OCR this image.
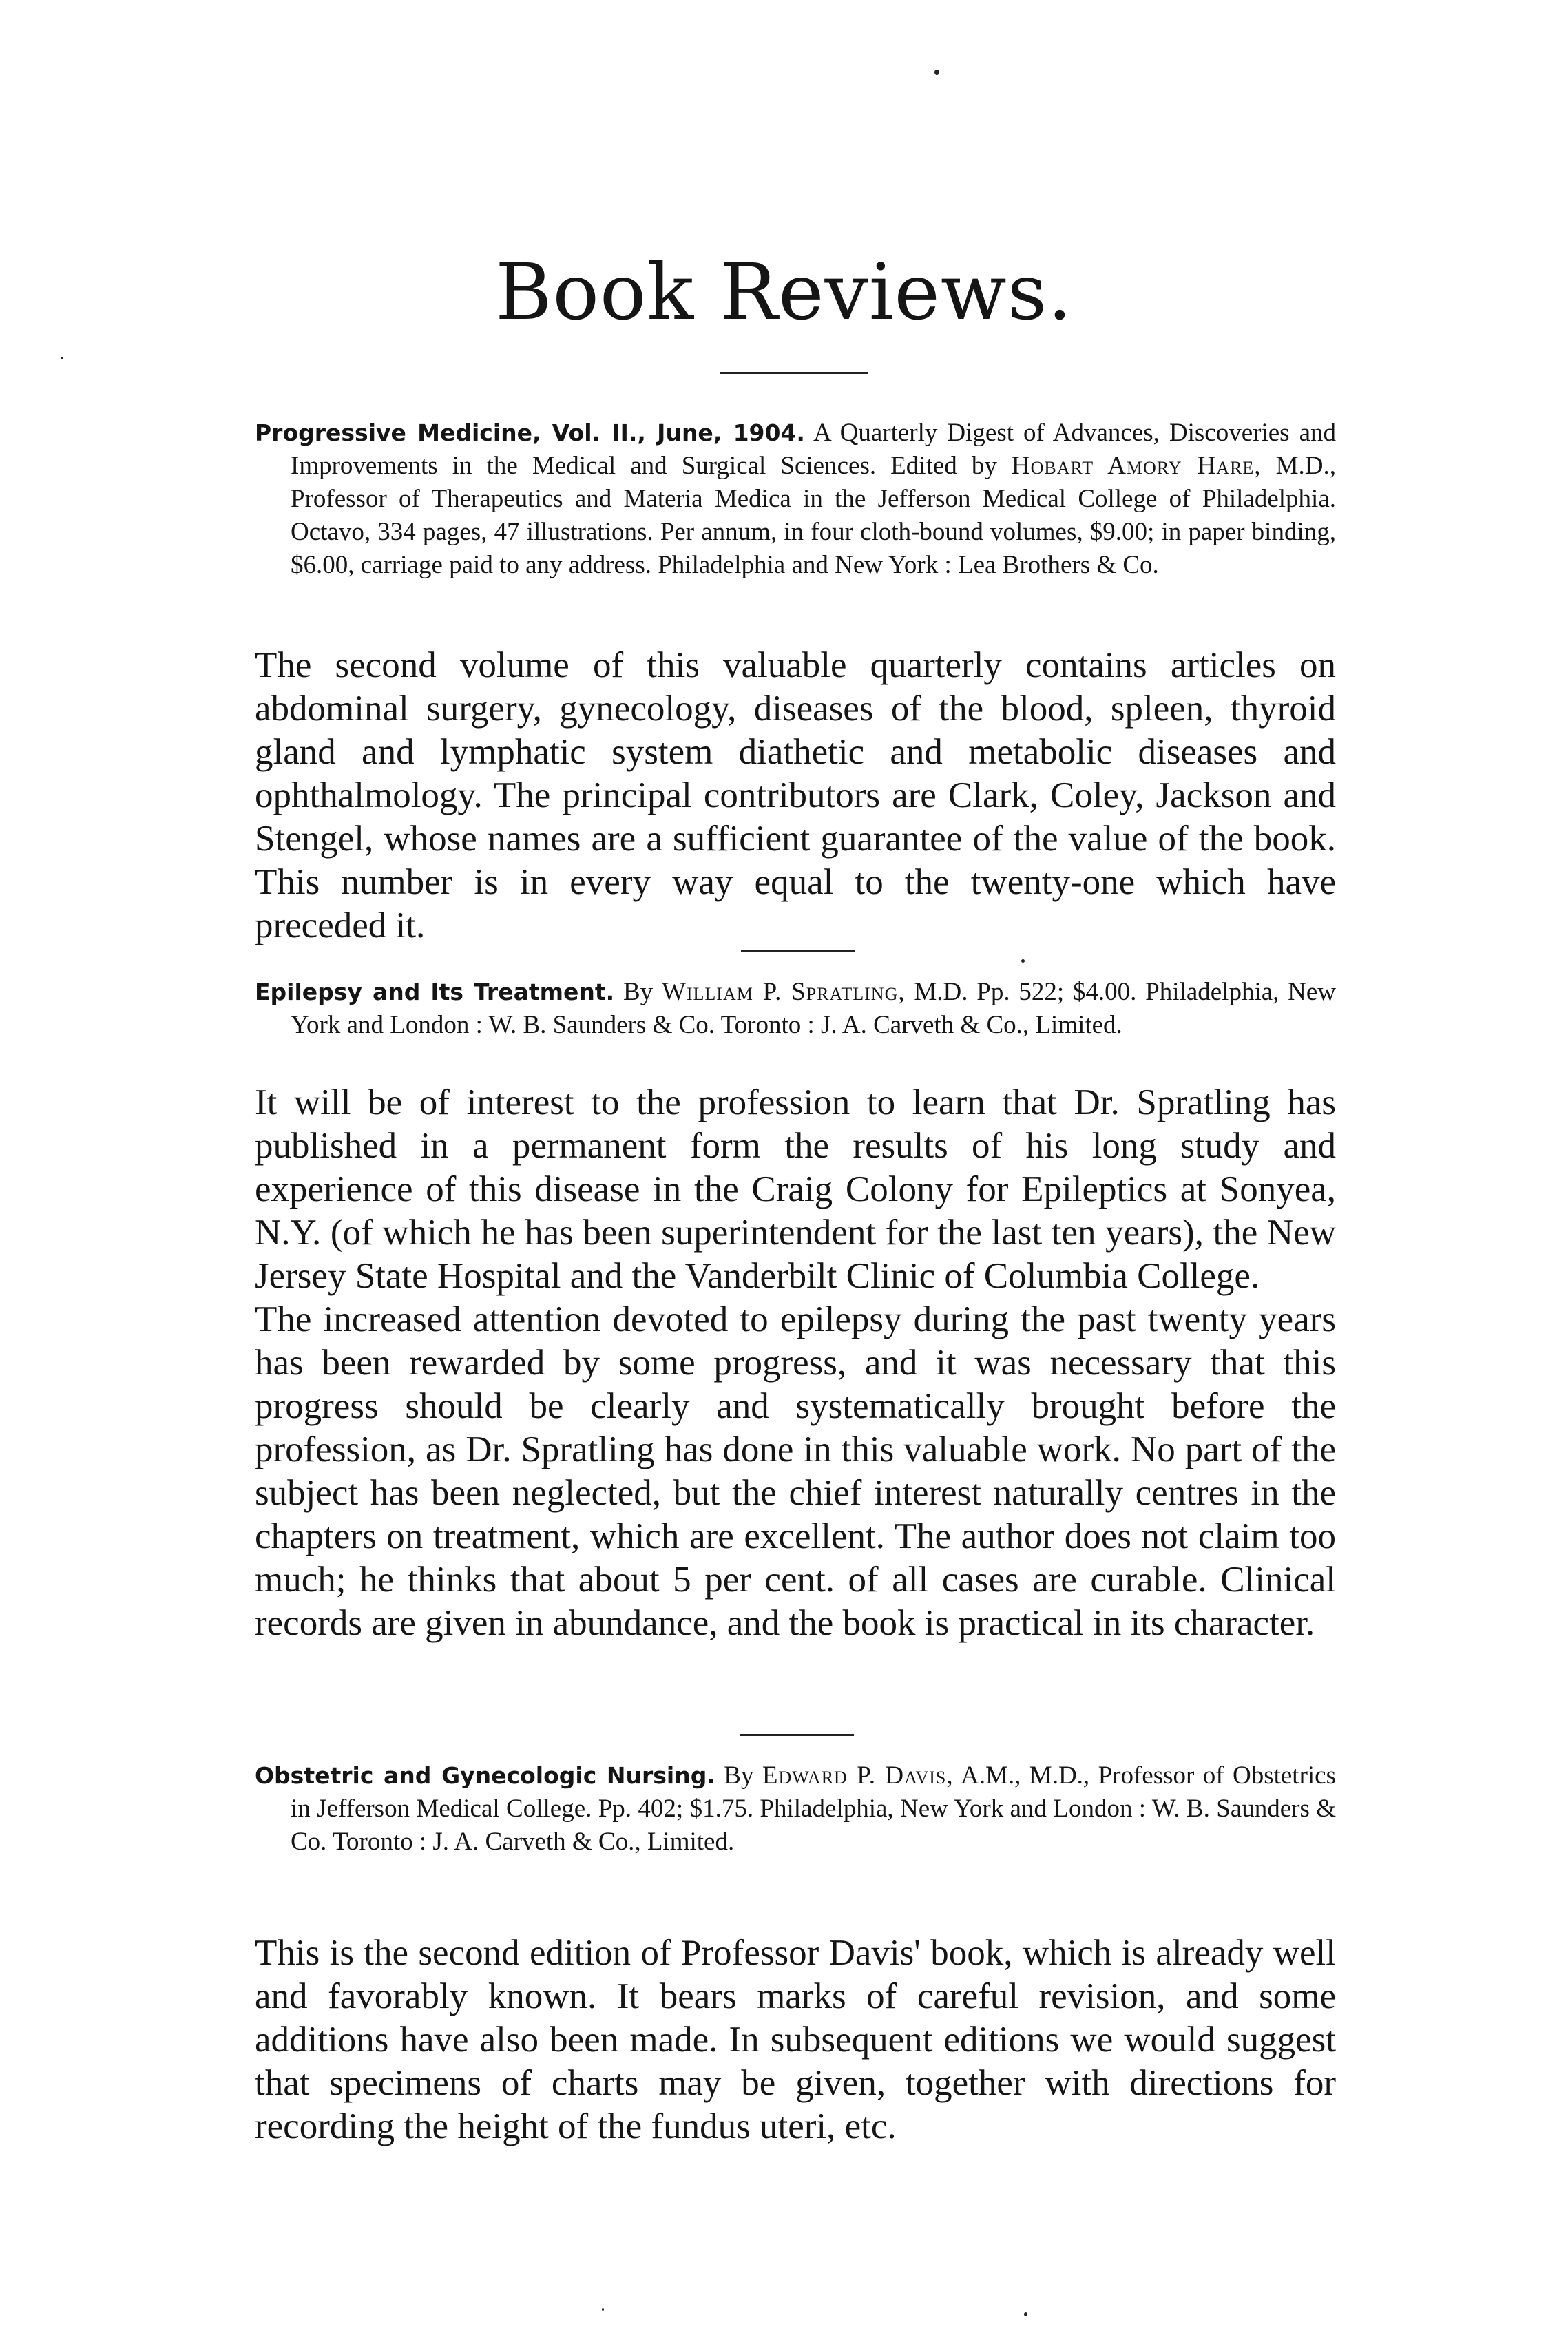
Book Reviews.
Progressive Medicine, Vol. II., June, 1904. A Quarterly Digest of Advances, Discoveries and Improvements in the Medical and Surgical Sciences. Edited by Hobart Amory Hare, M.D., Professor of Therapeutics and Materia Medica in the Jefferson Medical College of Philadelphia. Octavo, 334 pages, 47 illustrations. Per annum, in four cloth-bound volumes, $9.00; in paper binding, $6.00, carriage paid to any address. Philadelphia and New York : Lea Brothers & Co.

The second volume of this valuable quarterly contains articles on abdominal surgery, gynecology, diseases of the blood, spleen, thyroid gland and lymphatic system diathetic and metabolic diseases and ophthalmology. The principal contributors are Clark, Coley, Jackson and Stengel, whose names are a sufficient guarantee of the value of the book. This number is in every way equal to the twenty-one which have preceded it.

Epilepsy and Its Treatment. By William P. Spratling, M.D. Pp. 522; $4.00. Philadelphia, New York and London : W. B. Saunders & Co. Toronto : J. A. Carveth & Co., Limited.

It will be of interest to the profession to learn that Dr. Spratling has published in a permanent form the results of his long study and experience of this disease in the Craig Colony for Epileptics at Sonyea, N.Y. (of which he has been superintendent for the last ten years), the New Jersey State Hospital and the Vanderbilt Clinic of Columbia College.

The increased attention devoted to epilepsy during the past twenty years has been rewarded by some progress, and it was necessary that this progress should be clearly and systematically brought before the profession, as Dr. Spratling has done in this valuable work. No part of the subject has been neglected, but the chief interest naturally centres in the chapters on treatment, which are excellent. The author does not claim too much; he thinks that about 5 per cent. of all cases are curable. Clinical records are given in abundance, and the book is practical in its character.

Obstetric and Gynecologic Nursing. By Edward P. Davis, A.M., M.D., Professor of Obstetrics in Jefferson Medical College. Pp. 402; $1.75. Philadelphia, New York and London : W. B. Saunders & Co. Toronto : J. A. Carveth & Co., Limited.

This is the second edition of Professor Davis' book, which is already well and favorably known. It bears marks of careful revision, and some additions have also been made. In subsequent editions we would suggest that specimens of charts may be given, together with directions for recording the height of the fundus uteri, etc.
